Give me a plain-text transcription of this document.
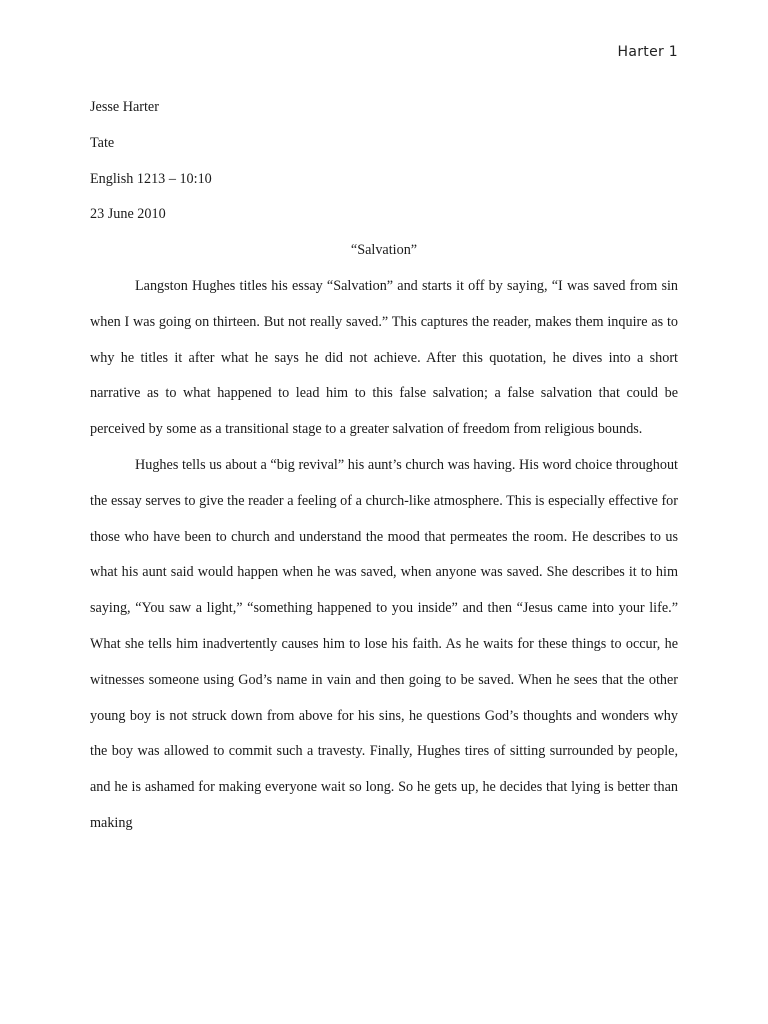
Harter 1

Jesse Harter

Tate

English 1213 – 10:10

23 June 2010

“Salvation”

Langston Hughes titles his essay “Salvation” and starts it off by saying, “I was saved from sin when I was going on thirteen. But not really saved.” This captures the reader, makes them inquire as to why he titles it after what he says he did not achieve. After this quotation, he dives into a short narrative as to what happened to lead him to this false salvation; a false salvation that could be perceived by some as a transitional stage to a greater salvation of freedom from religious bounds.

Hughes tells us about a “big revival” his aunt’s church was having. His word choice throughout the essay serves to give the reader a feeling of a church-like atmosphere. This is especially effective for those who have been to church and understand the mood that permeates the room. He describes to us what his aunt said would happen when he was saved, when anyone was saved. She describes it to him saying, “You saw a light,” “something happened to you inside” and then “Jesus came into your life.” What she tells him inadvertently causes him to lose his faith. As he waits for these things to occur, he witnesses someone using God’s name in vain and then going to be saved. When he sees that the other young boy is not struck down from above for his sins, he questions God’s thoughts and wonders why the boy was allowed to commit such a travesty. Finally, Hughes tires of sitting surrounded by people, and he is ashamed for making everyone wait so long. So he gets up, he decides that lying is better than making
